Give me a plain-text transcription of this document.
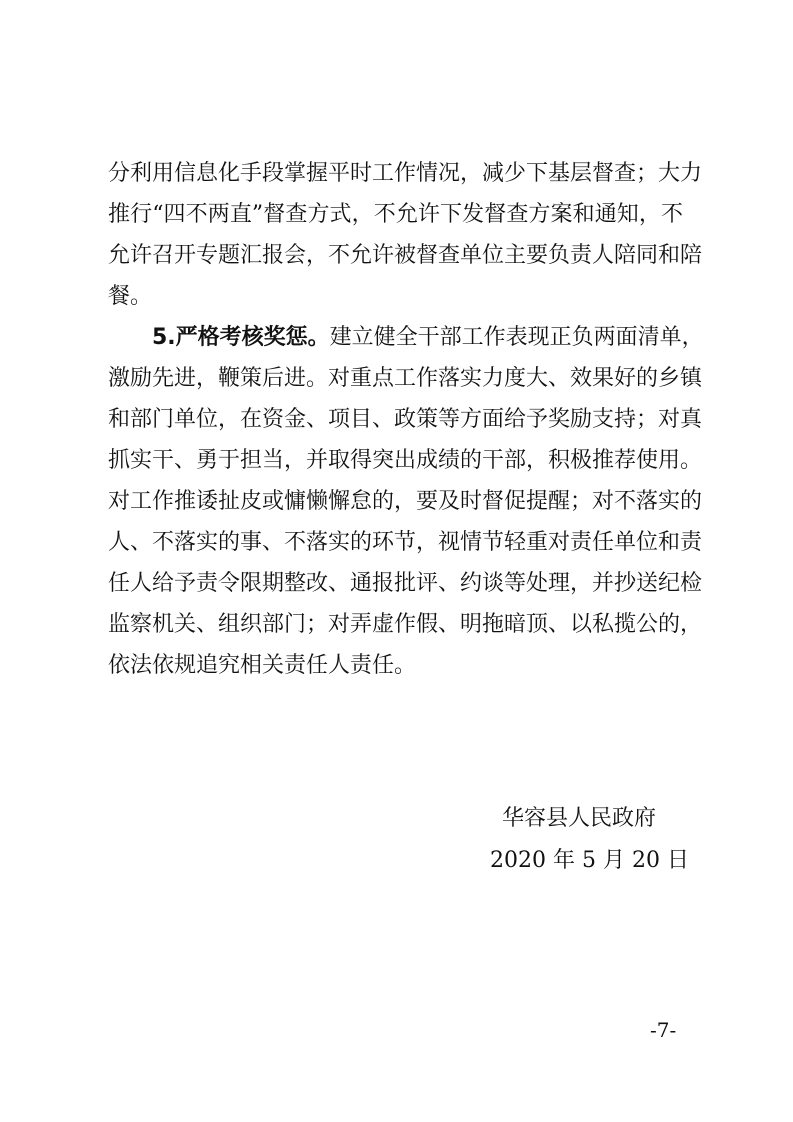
分利用信息化手段掌握平时工作情况，减少下基层督查；大力
推行“四不两直”督查方式，不允许下发督查方案和通知，不
允许召开专题汇报会，不允许被督查单位主要负责人陪同和陪
餐。
5.严格考核奖惩。建立健全干部工作表现正负两面清单，
激励先进，鞭策后进。对重点工作落实力度大、效果好的乡镇
和部门单位，在资金、项目、政策等方面给予奖励支持；对真
抓实干、勇于担当，并取得突出成绩的干部，积极推荐使用。
对工作推诿扯皮或慵懒懈怠的，要及时督促提醒；对不落实的
人、不落实的事、不落实的环节，视情节轻重对责任单位和责
任人给予责令限期整改、通报批评、约谈等处理，并抄送纪检
监察机关、组织部门；对弄虚作假、明拖暗顶、以私揽公的，
依法依规追究相关责任人责任。
华容县人民政府
2020 年 5 月 20 日
-7-
